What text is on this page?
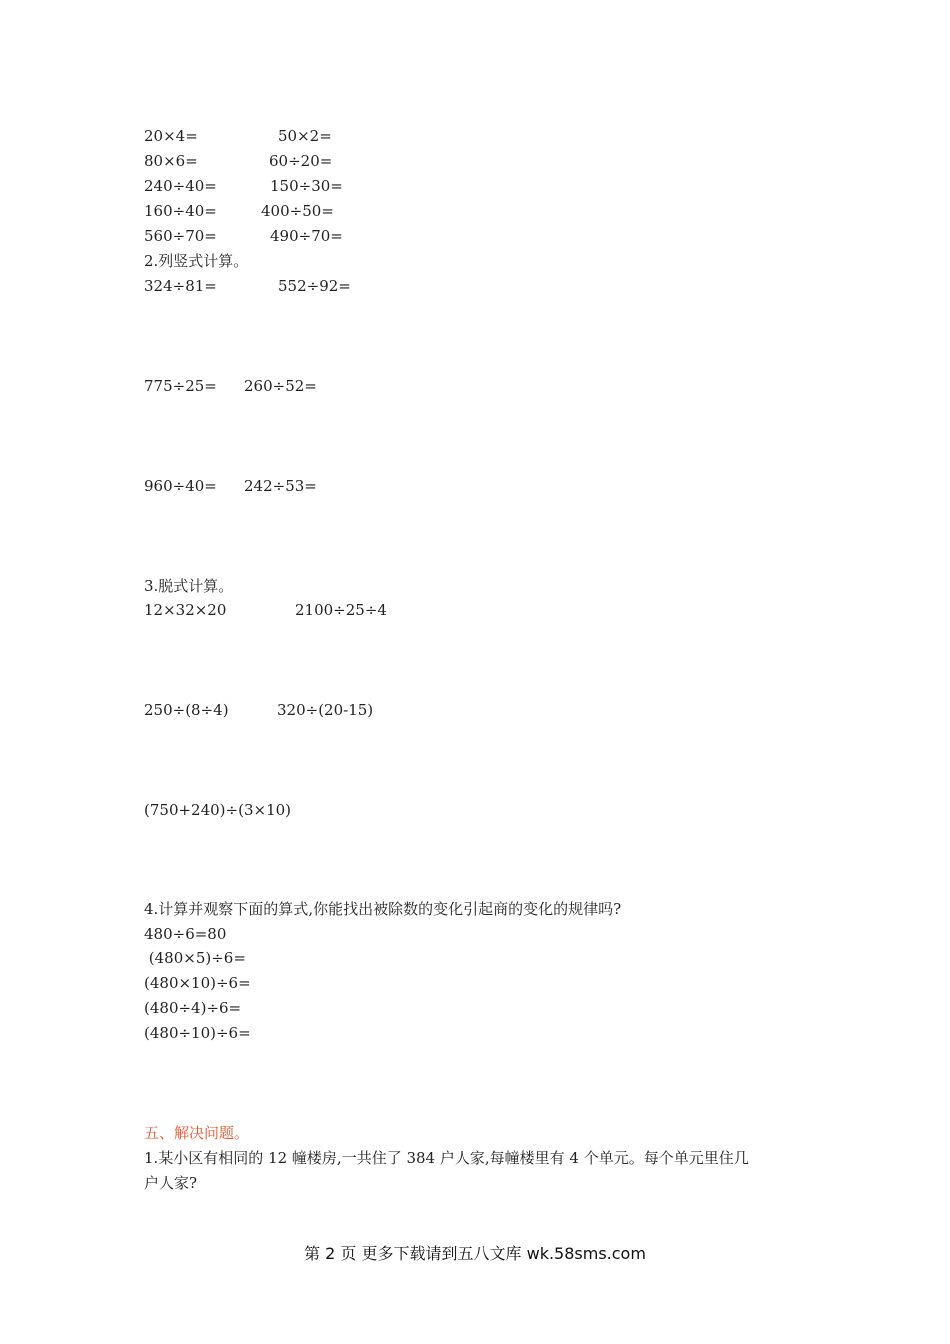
20×4=	50×2=
80×6=	60÷20=
240÷40=	150÷30=
160÷40=	400÷50=
560÷70=	490÷70=
2.列竖式计算。
324÷81=	552÷92=
775÷25= 260÷52=
960÷40= 242÷53=
3.脱式计算。
12×32×20	2100÷25÷4
250÷(8÷4)	320÷(20-15)
(750+240)÷(3×10)
4.计算并观察下面的算式,你能找出被除数的变化引起商的变化的规律吗?
480÷6=80
(480×5)÷6=
(480×10)÷6=
(480÷4)÷6=
(480÷10)÷6=
五、解决问题。
1.某小区有相同的 12 幢楼房,一共住了 384 户人家,每幢楼里有 4 个单元。每个单元里住几
户人家?
第 2 页 更多下载请到五八文库 wk.58sms.com
